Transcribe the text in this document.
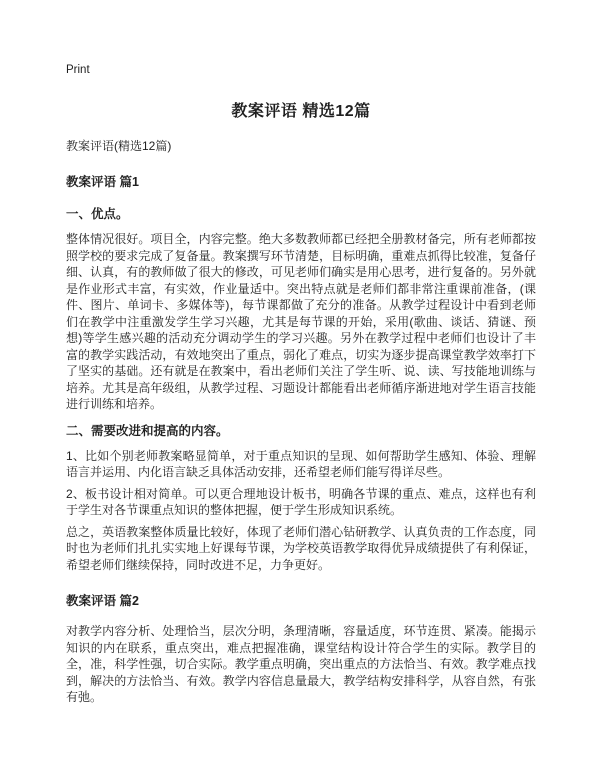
Print
教案评语 精选12篇
教案评语(精选12篇)
教案评语 篇1
一、优点。

整体情况很好。项目全，内容完整。绝大多数教师都已经把全册教材备完，所有老师都按照学校的要求完成了复备量。教案撰写环节清楚，目标明确，重难点抓得比较准，复备仔细、认真，有的教师做了很大的修改，可见老师们确实是用心思考，进行复备的。另外就是作业形式丰富，有实效，作业量适中。突出特点就是老师们都非常注重课前准备，(课件、图片、单词卡、多媒体等)，每节课都做了充分的准备。从教学过程设计中看到老师们在教学中注重激发学生学习兴趣，尤其是每节课的开始，采用(歌曲、谈话、猜谜、预想)等学生感兴趣的活动充分调动学生的学习兴趣。另外在教学过程中老师们也设计了丰富的教学实践活动，有效地突出了重点，弱化了难点，切实为逐步提高课堂教学效率打下了坚实的基础。还有就是在教案中，看出老师们关注了学生听、说、读、写技能地训练与培养。尤其是高年级组，从教学过程、习题设计都能看出老师循序渐进地对学生语言技能进行训练和培养。

二、需要改进和提高的内容。

1、比如个别老师教案略显简单，对于重点知识的呈现、如何帮助学生感知、体验、理解语言并运用、内化语言缺乏具体活动安排，还希望老师们能写得详尽些。

2、板书设计相对简单。可以更合理地设计板书，明确各节课的重点、难点，这样也有利于学生对各节课重点知识的整体把握，便于学生形成知识系统。

总之，英语教案整体质量比较好，体现了老师们潜心钻研教学、认真负责的工作态度，同时也为老师们扎扎实实地上好课每节课，为学校英语教学取得优异成绩提供了有利保证，希望老师们继续保持，同时改进不足，力争更好。

教案评语 篇2

对教学内容分析、处理恰当，层次分明，条理清晰，容量适度，环节连贯、紧凑。能揭示知识的内在联系，重点突出，难点把握准确，课堂结构设计符合学生的实际。教学目的全，准，科学性强，切合实际。教学重点明确，突出重点的方法恰当、有效。教学难点找到，解决的方法恰当、有效。教学内容信息量最大，教学结构安排科学，从容自然，有张有弛。
